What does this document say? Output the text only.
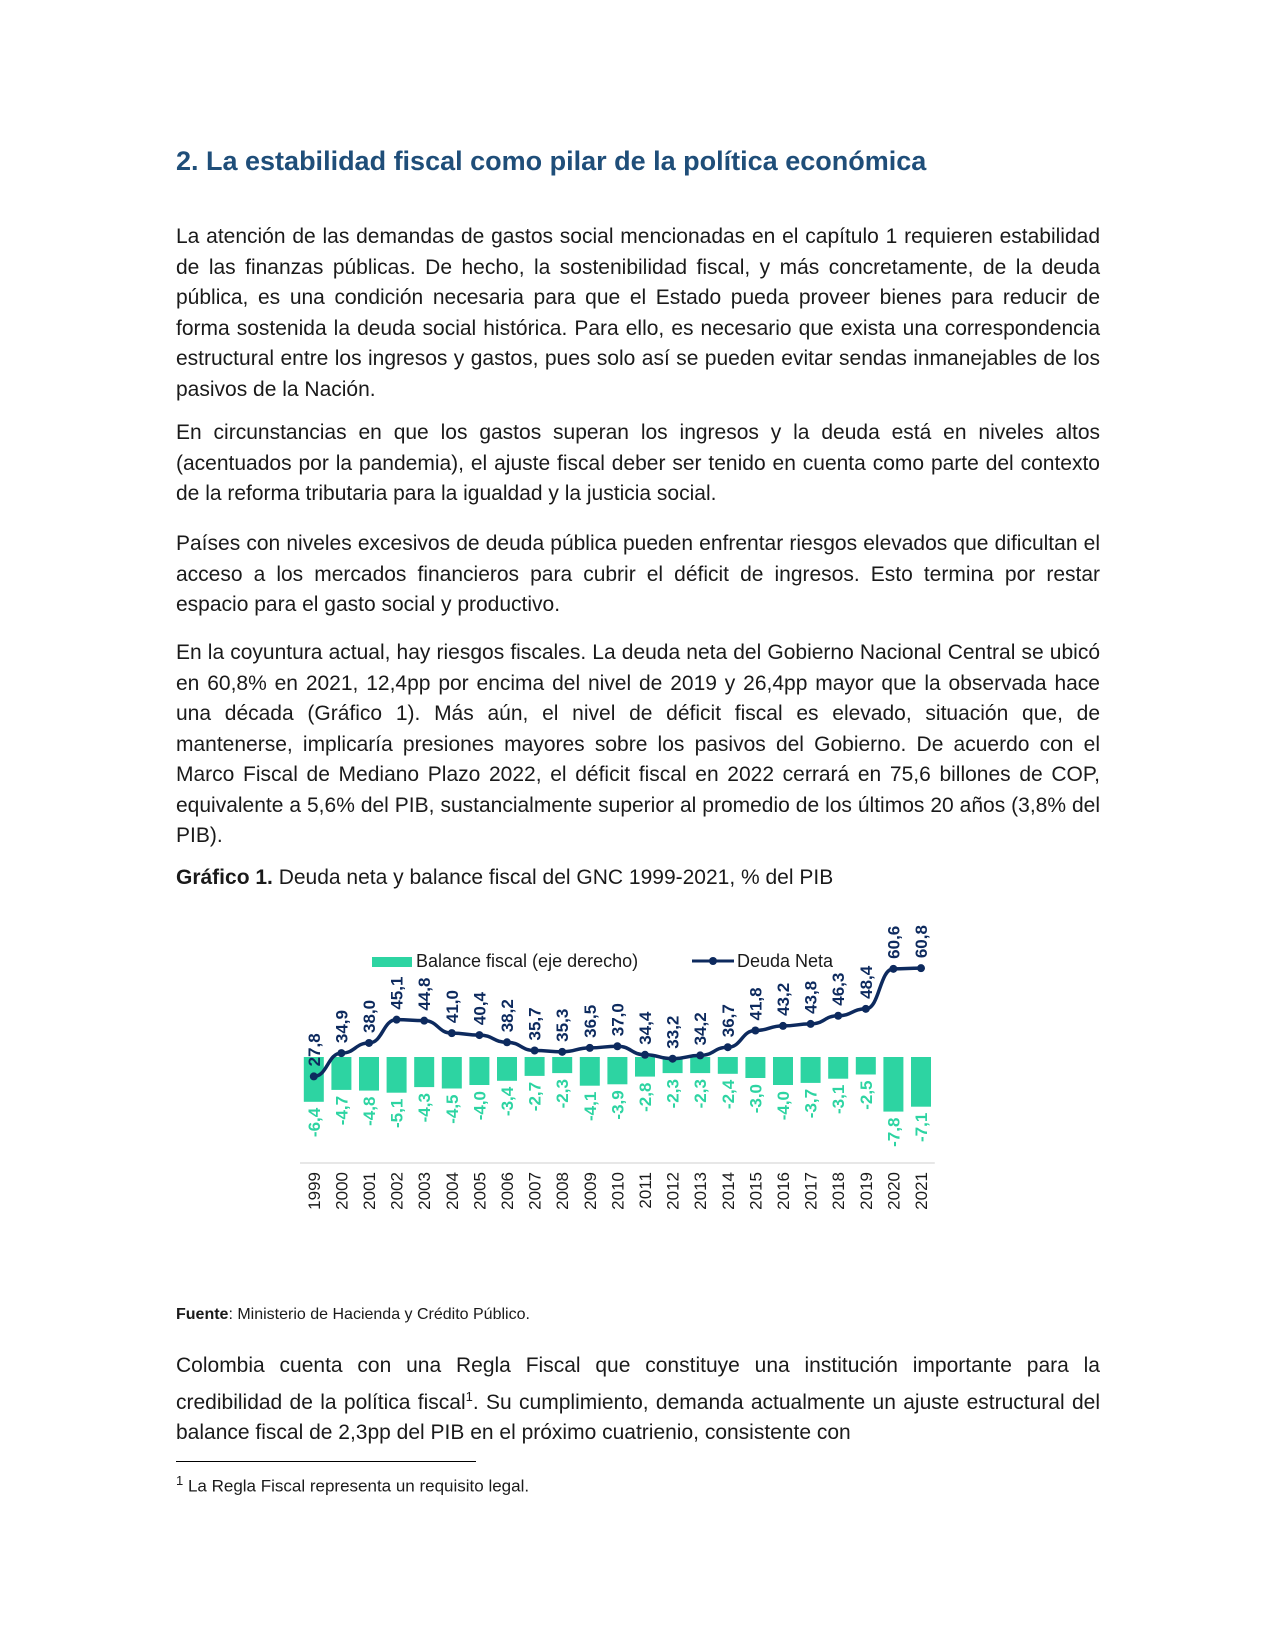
2. La estabilidad fiscal como pilar de la política económica

La atención de las demandas de gastos social mencionadas en el capítulo 1 requieren estabilidad de las finanzas públicas. De hecho, la sostenibilidad fiscal, y más concretamente, de la deuda pública, es una condición necesaria para que el Estado pueda proveer bienes para reducir de forma sostenida la deuda social histórica. Para ello, es necesario que exista una correspondencia estructural entre los ingresos y gastos, pues solo así se pueden evitar sendas inmanejables de los pasivos de la Nación.

En circunstancias en que los gastos superan los ingresos y la deuda está en niveles altos (acentuados por la pandemia), el ajuste fiscal deber ser tenido en cuenta como parte del contexto de la reforma tributaria para la igualdad y la justicia social.

Países con niveles excesivos de deuda pública pueden enfrentar riesgos elevados que dificultan el acceso a los mercados financieros para cubrir el déficit de ingresos. Esto termina por restar espacio para el gasto social y productivo.

En la coyuntura actual, hay riesgos fiscales. La deuda neta del Gobierno Nacional Central se ubicó en 60,8% en 2021, 12,4pp por encima del nivel de 2019 y 26,4pp mayor que la observada hace una década (Gráfico 1). Más aún, el nivel de déficit fiscal es elevado, situación que, de mantenerse, implicaría presiones mayores sobre los pasivos del Gobierno. De acuerdo con el Marco Fiscal de Mediano Plazo 2022, el déficit fiscal en 2022 cerrará en 75,6 billones de COP, equivalente a 5,6% del PIB, sustancialmente superior al promedio de los últimos 20 años (3,8% del PIB).

Gráfico 1. Deuda neta y balance fiscal del GNC 1999-2021, % del PIB

Fuente: Ministerio de Hacienda y Crédito Público.

Colombia cuenta con una Regla Fiscal que constituye una institución importante para la credibilidad de la política fiscal$^1$. Su cumplimiento, demanda actualmente un ajuste estructural del balance fiscal de 2,3pp del PIB en el próximo cuatrienio, consistente con

$^1$ La Regla Fiscal representa un requisito legal.

Balance fiscal (eje derecho)	Deuda Neta
-6,4 -4,7 -4,8 -5,1 -4,3 -4,5 -4,0 -3,4 -2,7 -2,3 -4,1 -3,9 -2,8 -2,3 -2,3 -2,4 -3,0 -4,0 -3,7 -3,1 -2,5
-7,8 -7,1
27,8
34,9 38,0
45,1 44,8 41,0 40,4 38,2 35,7 35,3 36,5 37,0 34,4 33,2 34,2 36,7
41,8 43,2 43,8 46,3 48,4
60,6 60,8
1999 2000 2001 2002 2003 2004 2005 2006 2007 2008 2009 2010 2011 2012 2013 2014 2015 2016 2017 2018 2019 2020 2021
